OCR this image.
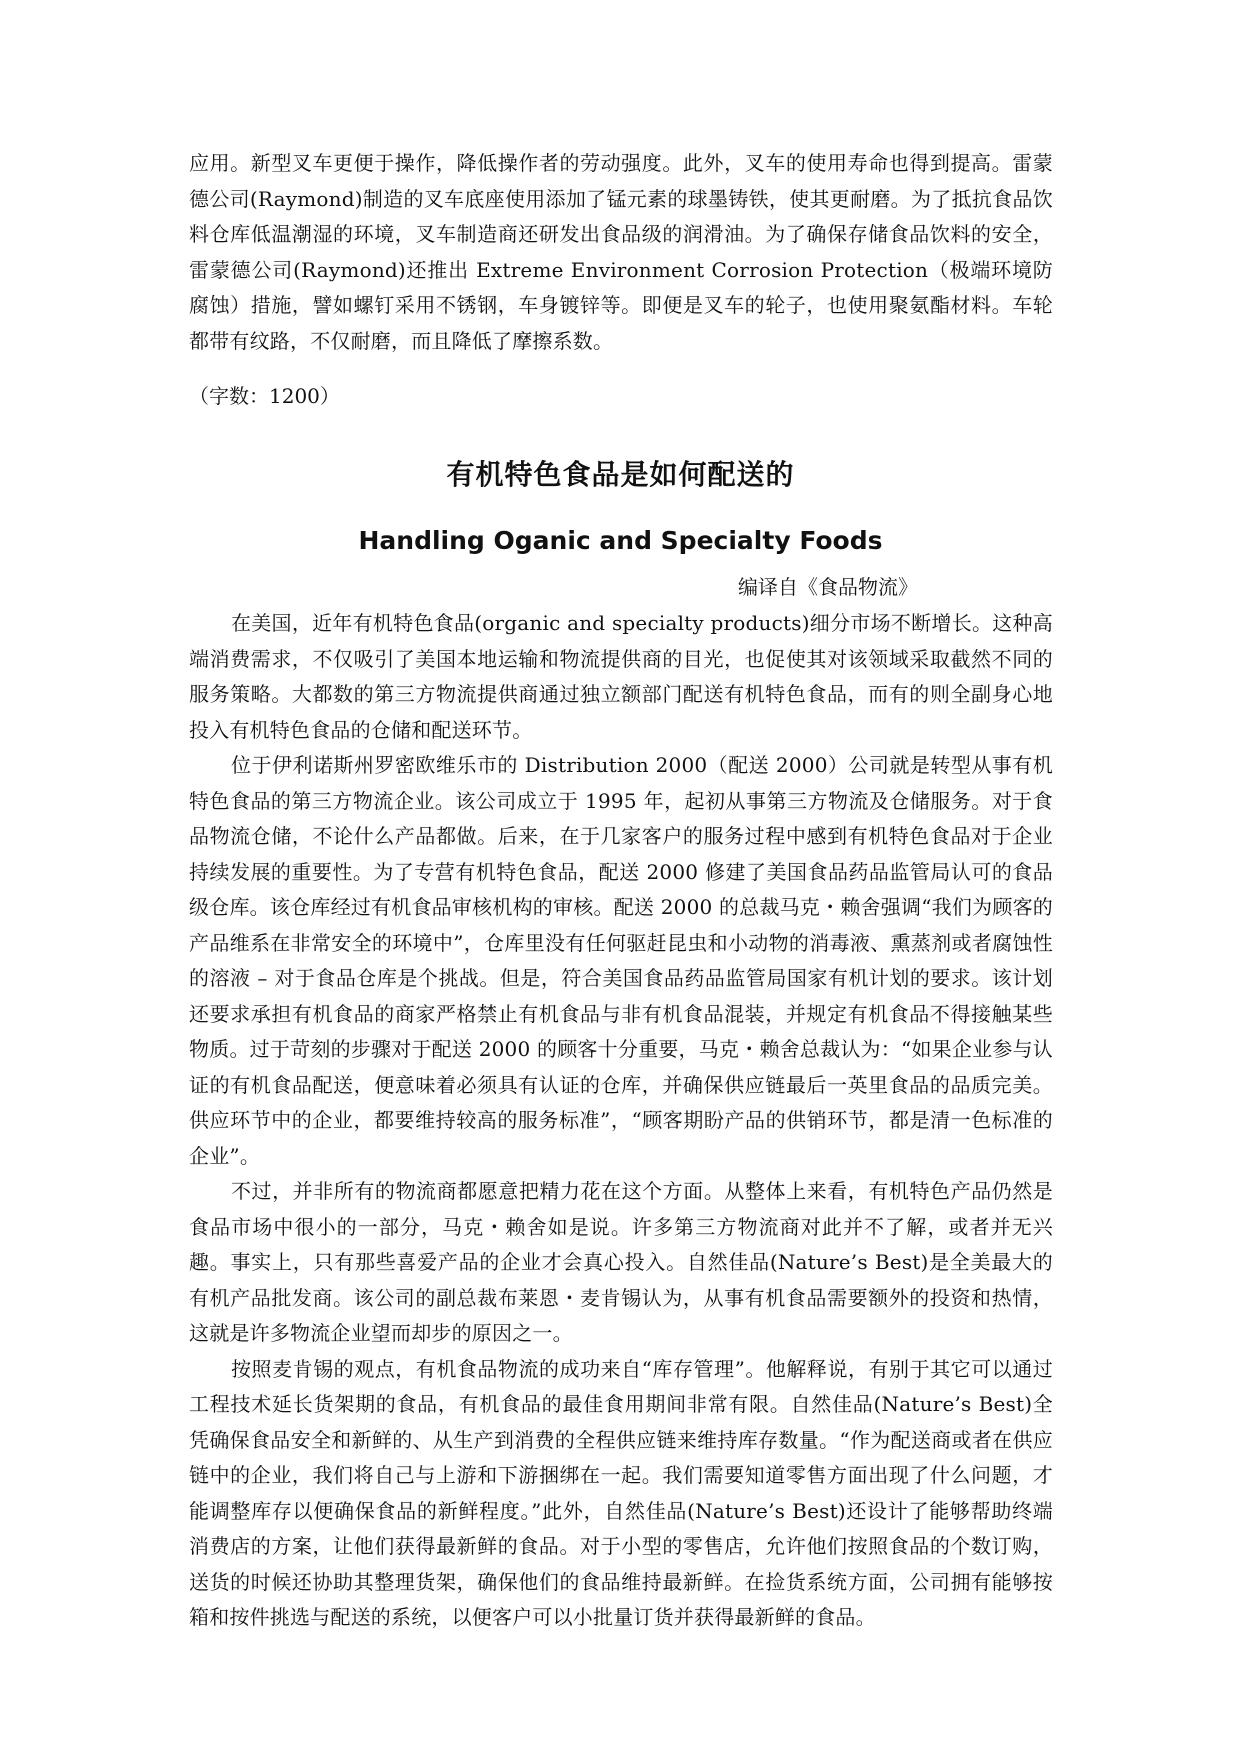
应用。新型叉车更便于操作，降低操作者的劳动强度。此外，叉车的使用寿命也得到提高。雷蒙德公司(Raymond)制造的叉车底座使用添加了锰元素的球墨铸铁，使其更耐磨。为了抵抗食品饮料仓库低温潮湿的环境，叉车制造商还研发出食品级的润滑油。为了确保存储食品饮料的安全，雷蒙德公司(Raymond)还推出 Extreme Environment Corrosion Protection（极端环境防腐蚀）措施，譬如螺钉采用不锈钢，车身镀锌等。即便是叉车的轮子，也使用聚氨酯材料。车轮都带有纹路，不仅耐磨，而且降低了摩擦系数。

（字数：1200）

有机特色食品是如何配送的
Handling Oganic and Specialty Foods

编译自《食品物流》

在美国，近年有机特色食品(organic and specialty products)细分市场不断增长。这种高端消费需求，不仅吸引了美国本地运输和物流提供商的目光，也促使其对该领域采取截然不同的服务策略。大都数的第三方物流提供商通过独立额部门配送有机特色食品，而有的则全副身心地投入有机特色食品的仓储和配送环节。

位于伊利诺斯州罗密欧维乐市的 Distribution 2000（配送 2000）公司就是转型从事有机特色食品的第三方物流企业。该公司成立于 1995 年，起初从事第三方物流及仓储服务。对于食品物流仓储，不论什么产品都做。后来，在于几家客户的服务过程中感到有机特色食品对于企业持续发展的重要性。为了专营有机特色食品，配送 2000 修建了美国食品药品监管局认可的食品级仓库。该仓库经过有机食品审核机构的审核。配送 2000 的总裁马克・赖舍强调“我们为顾客的产品维系在非常安全的环境中”，仓库里没有任何驱赶昆虫和小动物的消毒液、熏蒸剂或者腐蚀性的溶液 – 对于食品仓库是个挑战。但是，符合美国食品药品监管局国家有机计划的要求。该计划还要求承担有机食品的商家严格禁止有机食品与非有机食品混装，并规定有机食品不得接触某些物质。过于苛刻的步骤对于配送 2000 的顾客十分重要，马克・赖舍总裁认为：“如果企业参与认证的有机食品配送，便意味着必须具有认证的仓库，并确保供应链最后一英里食品的品质完美。供应环节中的企业，都要维持较高的服务标准”，“顾客期盼产品的供销环节，都是清一色标准的企业”。

不过，并非所有的物流商都愿意把精力花在这个方面。从整体上来看，有机特色产品仍然是食品市场中很小的一部分，马克・赖舍如是说。许多第三方物流商对此并不了解，或者并无兴趣。事实上，只有那些喜爱产品的企业才会真心投入。自然佳品(Nature’s Best)是全美最大的有机产品批发商。该公司的副总裁布莱恩・麦肯锡认为，从事有机食品需要额外的投资和热情，这就是许多物流企业望而却步的原因之一。

按照麦肯锡的观点，有机食品物流的成功来自“库存管理”。他解释说，有别于其它可以通过工程技术延长货架期的食品，有机食品的最佳食用期间非常有限。自然佳品(Nature’s Best)全凭确保食品安全和新鲜的、从生产到消费的全程供应链来维持库存数量。“作为配送商或者在供应链中的企业，我们将自己与上游和下游捆绑在一起。我们需要知道零售方面出现了什么问题，才能调整库存以便确保食品的新鲜程度。”此外，自然佳品(Nature’s Best)还设计了能够帮助终端消费店的方案，让他们获得最新鲜的食品。对于小型的零售店，允许他们按照食品的个数订购，送货的时候还协助其整理货架，确保他们的食品维持最新鲜。在捡货系统方面，公司拥有能够按箱和按件挑选与配送的系统，以便客户可以小批量订货并获得最新鲜的食品。
